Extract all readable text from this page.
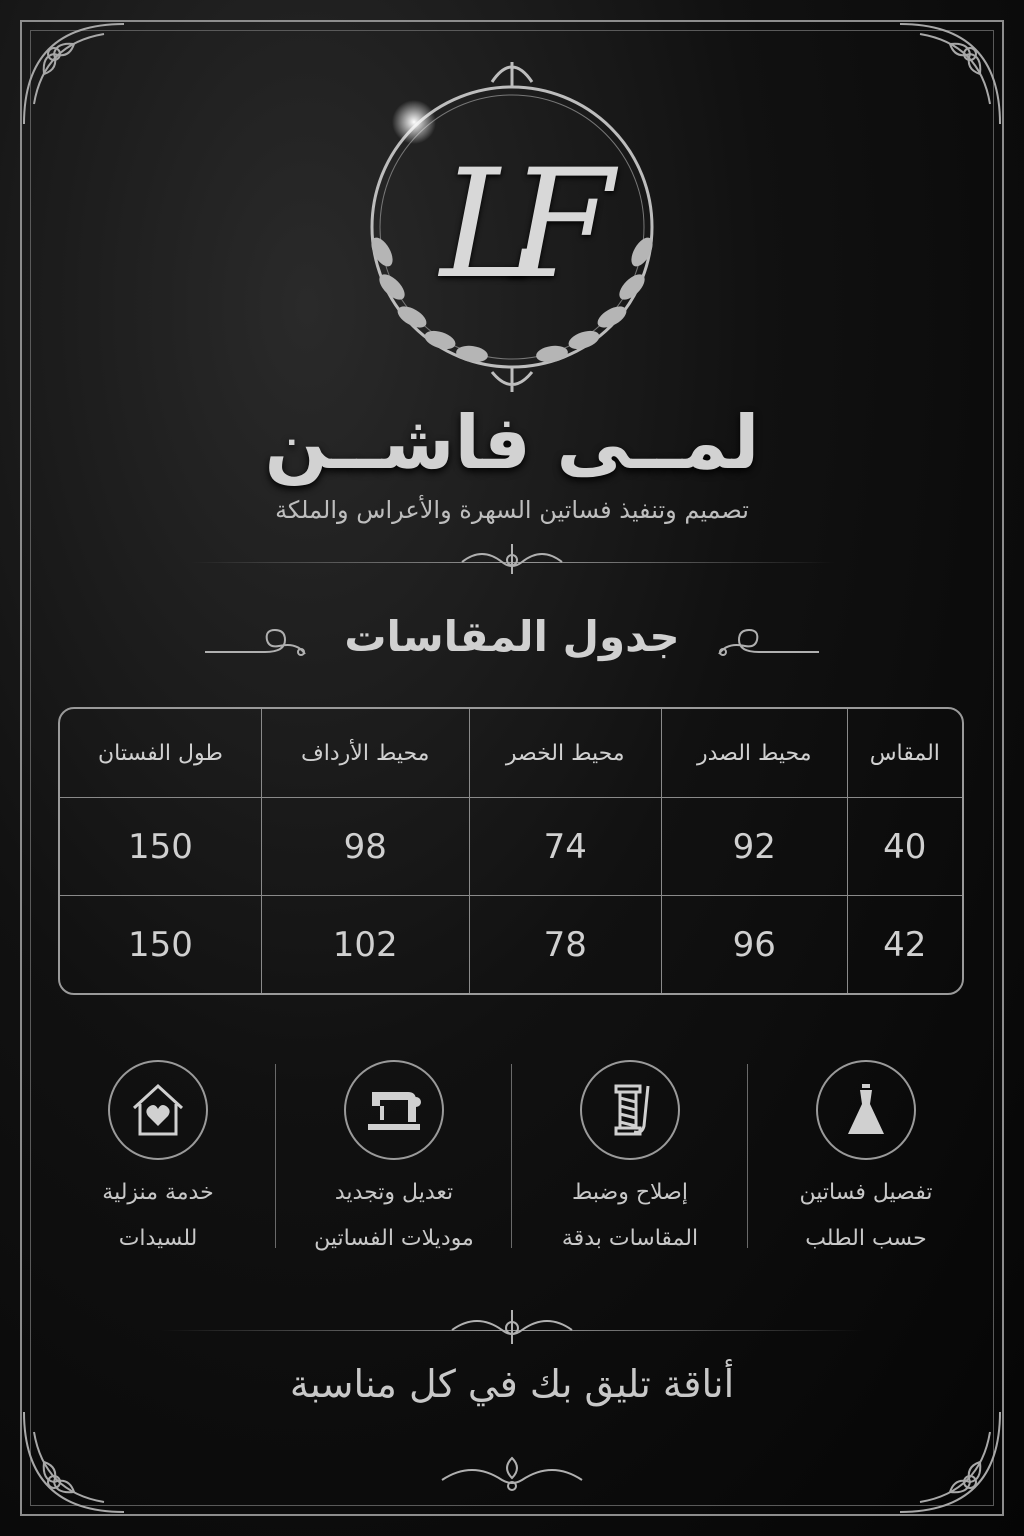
LF
لمــى فاشــن
تصميم وتنفيذ فساتين السهرة والأعراس والملكة
جدول المقاسات
المقاس	محيط الصدر	محيط الخصر	محيط الأرداف	طول الفستان
40	92	74	98	150
42	96	78	102	150
تفصيل فساتين
حسب الطلب
إصلاح وضبط
المقاسات بدقة
تعديل وتجديد
موديلات الفساتين
خدمة منزلية
للسيدات
أناقة تليق بك في كل مناسبة
